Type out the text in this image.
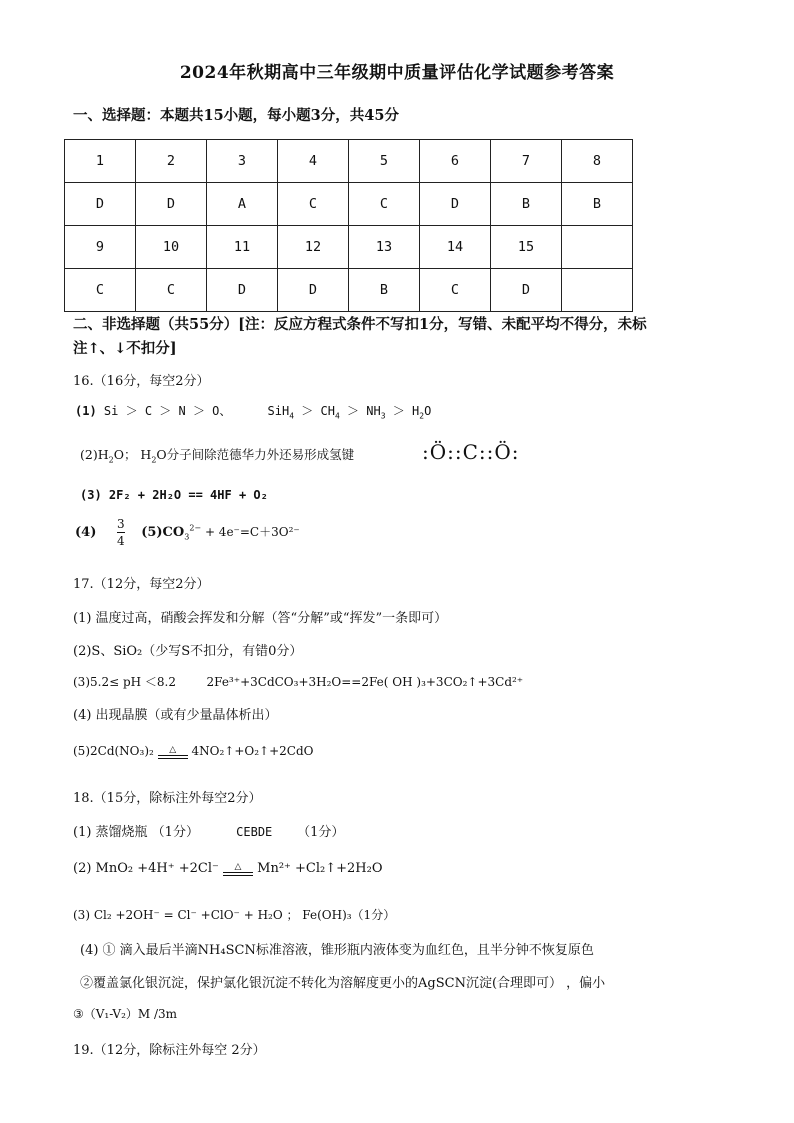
2024年秋期高中三年级期中质量评估化学试题参考答案
一、选择题：本题共15小题，每小题3分，共45分
1	2	3	4	5	6	7	8
D	D	A	C	C	D	B	B
9	10	11	12	13	14	15	
C	C	D	D	B	C	D	
二、非选择题（共55分）[注：反应方程式条件不写扣1分，写错、未配平均不得分，未标
注↑、↓不扣分]
16.（16分，每空2分）
(1) Si ＞ C ＞ N ＞ O、	$SiH_4 > CH_4 > NH_3 > H_2O$
$(2)H_2O$； $H_2O$分子间除范德华力外还易形成氢键	:Ö::C::Ö:
(3) 2F₂ + 2H₂O == 4HF + O₂
$(4) \frac{3}{4} (5)CO_3^{2-} + 4e^-=C+3O^{2-}$
17.（12分，每空2分）
(1) 温度过高，硝酸会挥发和分解（答“分解”或“挥发”一条即可）
(2)S、SiO₂（少写S不扣分，有错0分）
(3)5.2≤ pH ＜8.2	2Fe³⁺+3CdCO₃+3H₂O==2Fe( OH )₃+3CO₂↑+3Cd²⁺
(4) 出现晶膜（或有少量晶体析出）
(5)2Cd(NO₃)₂	△	4NO₂↑+O₂↑+2CdO
18.（15分，除标注外每空2分）
(1) 蒸馏烧瓶 （1分）	CEBDE （1分）
(2) MnO₂ +4H⁺ +2Cl⁻	△	Mn²⁺ +Cl₂↑+2H₂O
(3) Cl₂ +2OH⁻ = Cl⁻ +ClO⁻ + H₂O ； Fe(OH)₃（1分）
(4) ① 滴入最后半滴NH₄SCN标准溶液，锥形瓶内液体变为血红色，且半分钟不恢复原色
②覆盖氯化银沉淀，保护氯化银沉淀不转化为溶解度更小的AgSCN沉淀(合理即可） ，偏小
③（V₁-V₂）M /3m
19.（12分，除标注外每空 2分）
